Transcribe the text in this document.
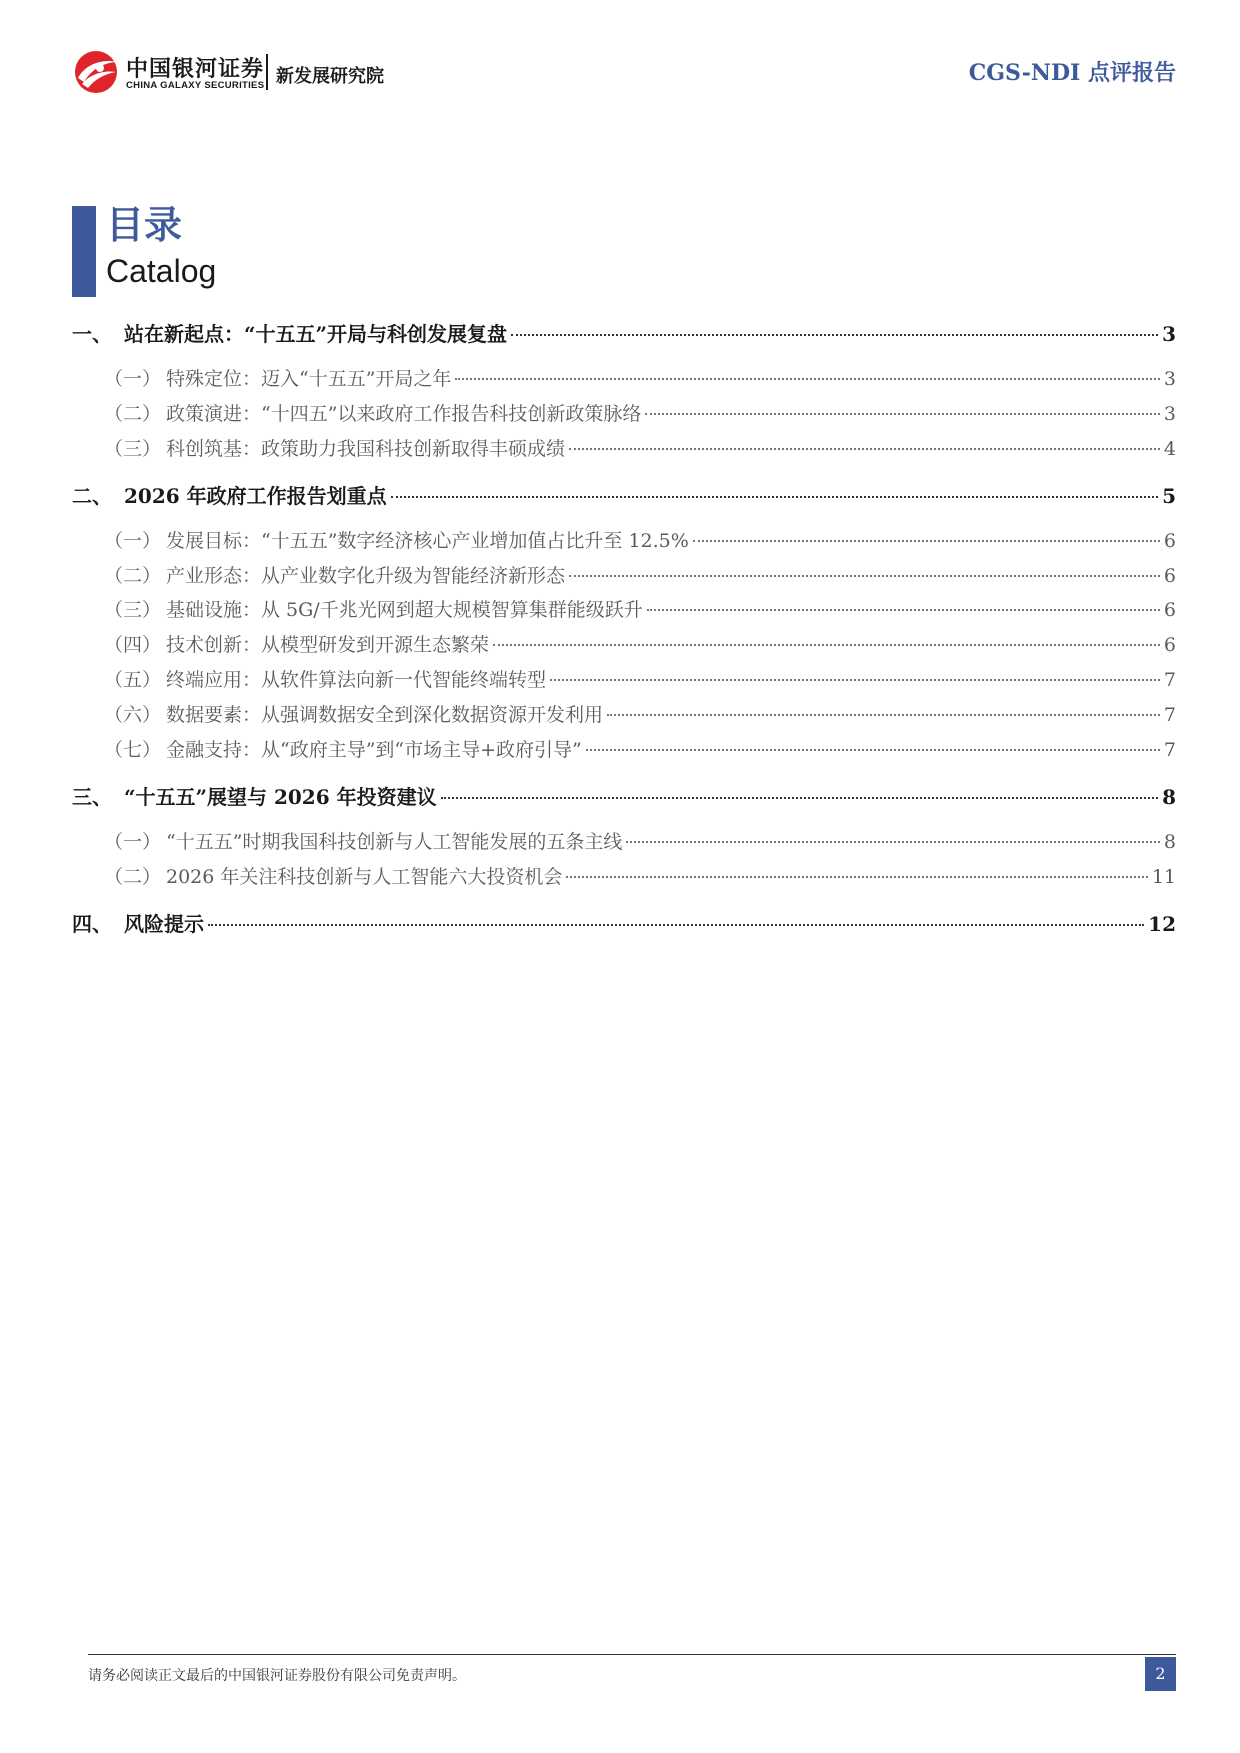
中国银河证券
CHINA GALAXY SECURITIES 新发展研究院	CGS-NDI 点评报告
目录
Catalog
一、 站在新起点：“十五五”开局与科创发展复盘	3
（一） 特殊定位：迈入“十五五”开局之年	3
（二） 政策演进：“十四五”以来政府工作报告科技创新政策脉络	3
（三） 科创筑基：政策助力我国科技创新取得丰硕成绩	4
二、 2026 年政府工作报告划重点	5
（一） 发展目标：“十五五”数字经济核心产业增加值占比升至 12.5%	6
（二） 产业形态：从产业数字化升级为智能经济新形态	6
（三） 基础设施：从 5G/千兆光网到超大规模智算集群能级跃升	6
（四） 技术创新：从模型研发到开源生态繁荣	6
（五） 终端应用：从软件算法向新一代智能终端转型	7
（六） 数据要素：从强调数据安全到深化数据资源开发利用	7
（七） 金融支持：从“政府主导”到“市场主导+政府引导”	7
三、 “十五五”展望与 2026 年投资建议	8
（一） “十五五”时期我国科技创新与人工智能发展的五条主线	8
（二） 2026 年关注科技创新与人工智能六大投资机会	11
四、 风险提示	12
请务必阅读正文最后的中国银河证券股份有限公司免责声明。	2
